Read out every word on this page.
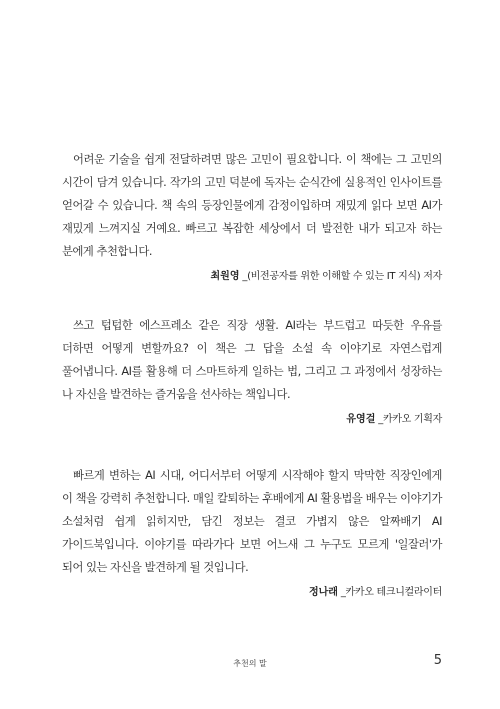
어려운 기술을 쉽게 전달하려면 많은 고민이 필요합니다. 이 책에는 그 고민의 시간이 담겨 있습니다. 작가의 고민 덕분에 독자는 순식간에 실용적인 인사이트를 얻어갈 수 있습니다. 책 속의 등장인물에게 감정이입하며 재밌게 읽다 보면 AI가 재밌게 느껴지실 거예요. 빠르고 복잡한 세상에서 더 발전한 내가 되고자 하는 분에게 추천합니다.

최원영 _(비전공자를 위한 이해할 수 있는 IT 지식) 저자

쓰고 텁텁한 에스프레소 같은 직장 생활. AI라는 부드럽고 따듯한 우유를 더하면 어떻게 변할까요? 이 책은 그 답을 소설 속 이야기로 자연스럽게 풀어냅니다. AI를 활용해 더 스마트하게 일하는 법, 그리고 그 과정에서 성장하는 나 자신을 발견하는 즐거움을 선사하는 책입니다.

유영걸 _카카오 기획자

빠르게 변하는 AI 시대, 어디서부터 어떻게 시작해야 할지 막막한 직장인에게 이 책을 강력히 추천합니다. 매일 칼퇴하는 후배에게 AI 활용법을 배우는 이야기가 소설처럼 쉽게 읽히지만, 담긴 정보는 결코 가볍지 않은 알짜배기 AI 가이드북입니다. 이야기를 따라가다 보면 어느새 그 누구도 모르게 '일잘러'가 되어 있는 자신을 발견하게 될 것입니다.

정나래 _카카오 테크니컬라이터
추천의 말	5
